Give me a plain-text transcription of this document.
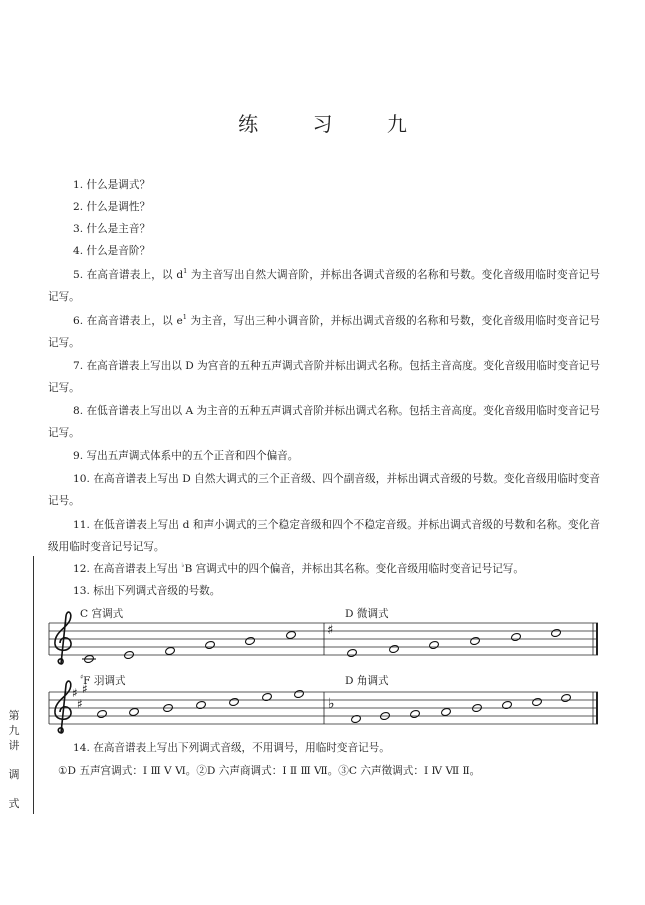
练 习 九

1. 什么是调式？

2. 什么是调性？

3. 什么是主音？

4. 什么是音阶？

5. 在高音谱表上，以 $d^1$ 为主音写出自然大调音阶，并标出各调式音级的名称和号数。变化音级用临时变音记号记写。

6. 在高音谱表上，以 $e^1$ 为主音，写出三种小调音阶，并标出调式音级的名称和号数，变化音级用临时变音记号记写。

7. 在高音谱表上写出以 D 为宫音的五种五声调式音阶并标出调式名称。包括主音高度。变化音级用临时变音记号记写。

8. 在低音谱表上写出以 A 为主音的五种五声调式音阶并标出调式名称。包括主音高度。变化音级用临时变音记号记写。

9. 写出五声调式体系中的五个正音和四个偏音。

10. 在高音谱表上写出 D 自然大调式的三个正音级、四个副音级，并标出调式音级的号数。变化音级用临时变音记号。

11. 在低音谱表上写出 d 和声小调式的三个稳定音级和四个不稳定音级。并标出调式音级的号数和名称。变化音级用临时变音记号记写。

12. 在高音谱表上写出 ♭B 宫调式中的四个偏音，并标出其名称。变化音级用临时变音记号记写。

13. 标出下列调式音级的号数。

C 宫调式	D 微调式
♯F 羽调式	D 角调式
♯
♯
♯
♯
♭

14. 在高音谱表上写出下列调式音级，不用调号，用临时变音记号。

①D 五声宫调式：Ⅰ Ⅲ Ⅴ Ⅵ。②D 六声商调式：Ⅰ Ⅱ Ⅲ Ⅶ。③C 六声徵调式：Ⅰ Ⅳ Ⅶ Ⅱ。

第
九
讲
调
式
